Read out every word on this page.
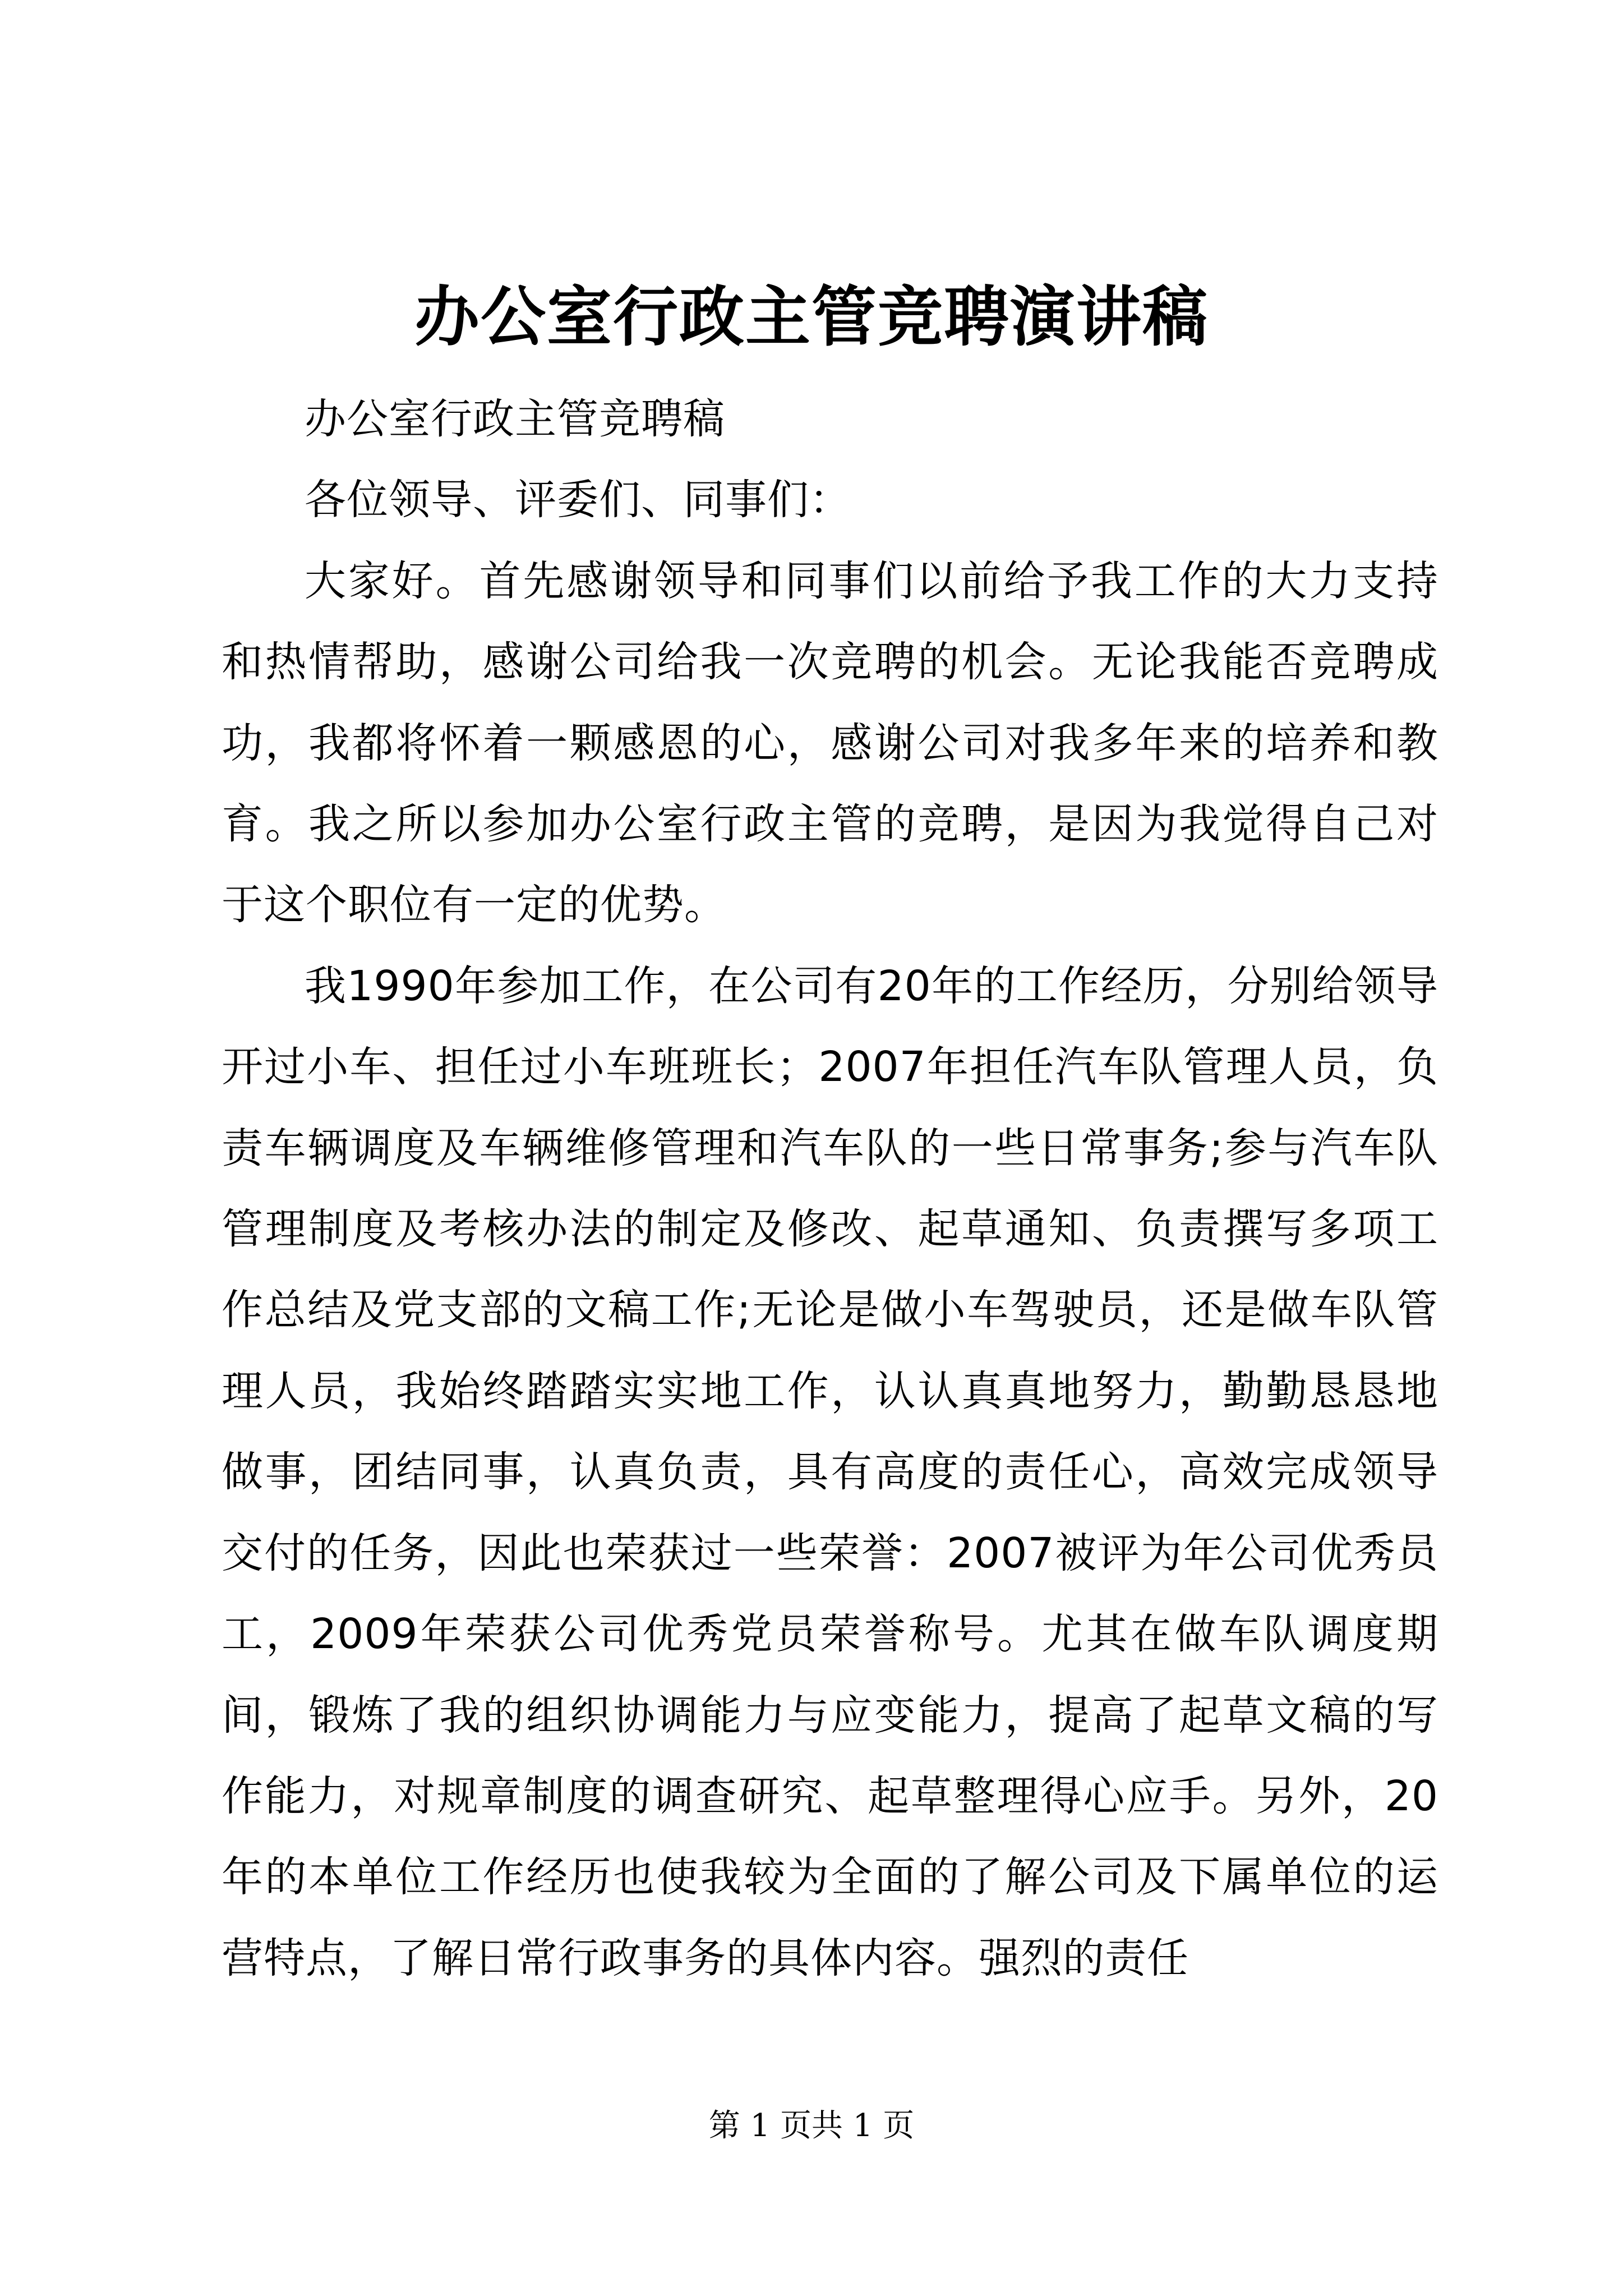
办公室行政主管竞聘演讲稿

办公室行政主管竞聘稿

各位领导、评委们、同事们：

大家好。首先感谢领导和同事们以前给予我工作的大力支持和热情帮助，感谢公司给我一次竞聘的机会。无论我能否竞聘成功，我都将怀着一颗感恩的心，感谢公司对我多年来的培养和教育。我之所以参加办公室行政主管的竞聘，是因为我觉得自己对于这个职位有一定的优势。

我1990年参加工作，在公司有20年的工作经历，分别给领导开过小车、担任过小车班班长；2007年担任汽车队管理人员，负责车辆调度及车辆维修管理和汽车队的一些日常事务;参与汽车队管理制度及考核办法的制定及修改、起草通知、负责撰写多项工作总结及党支部的文稿工作;无论是做小车驾驶员，还是做车队管理人员，我始终踏踏实实地工作，认认真真地努力，勤勤恳恳地做事，团结同事，认真负责，具有高度的责任心，高效完成领导交付的任务，因此也荣获过一些荣誉：2007被评为年公司优秀员工，2009年荣获公司优秀党员荣誉称号。尤其在做车队调度期间，锻炼了我的组织协调能力与应变能力，提高了起草文稿的写作能力，对规章制度的调查研究、起草整理得心应手。另外，20年的本单位工作经历也使我较为全面的了解公司及下属单位的运营特点，了解日常行政事务的具体内容。强烈的责任

第 1 页共 1 页
